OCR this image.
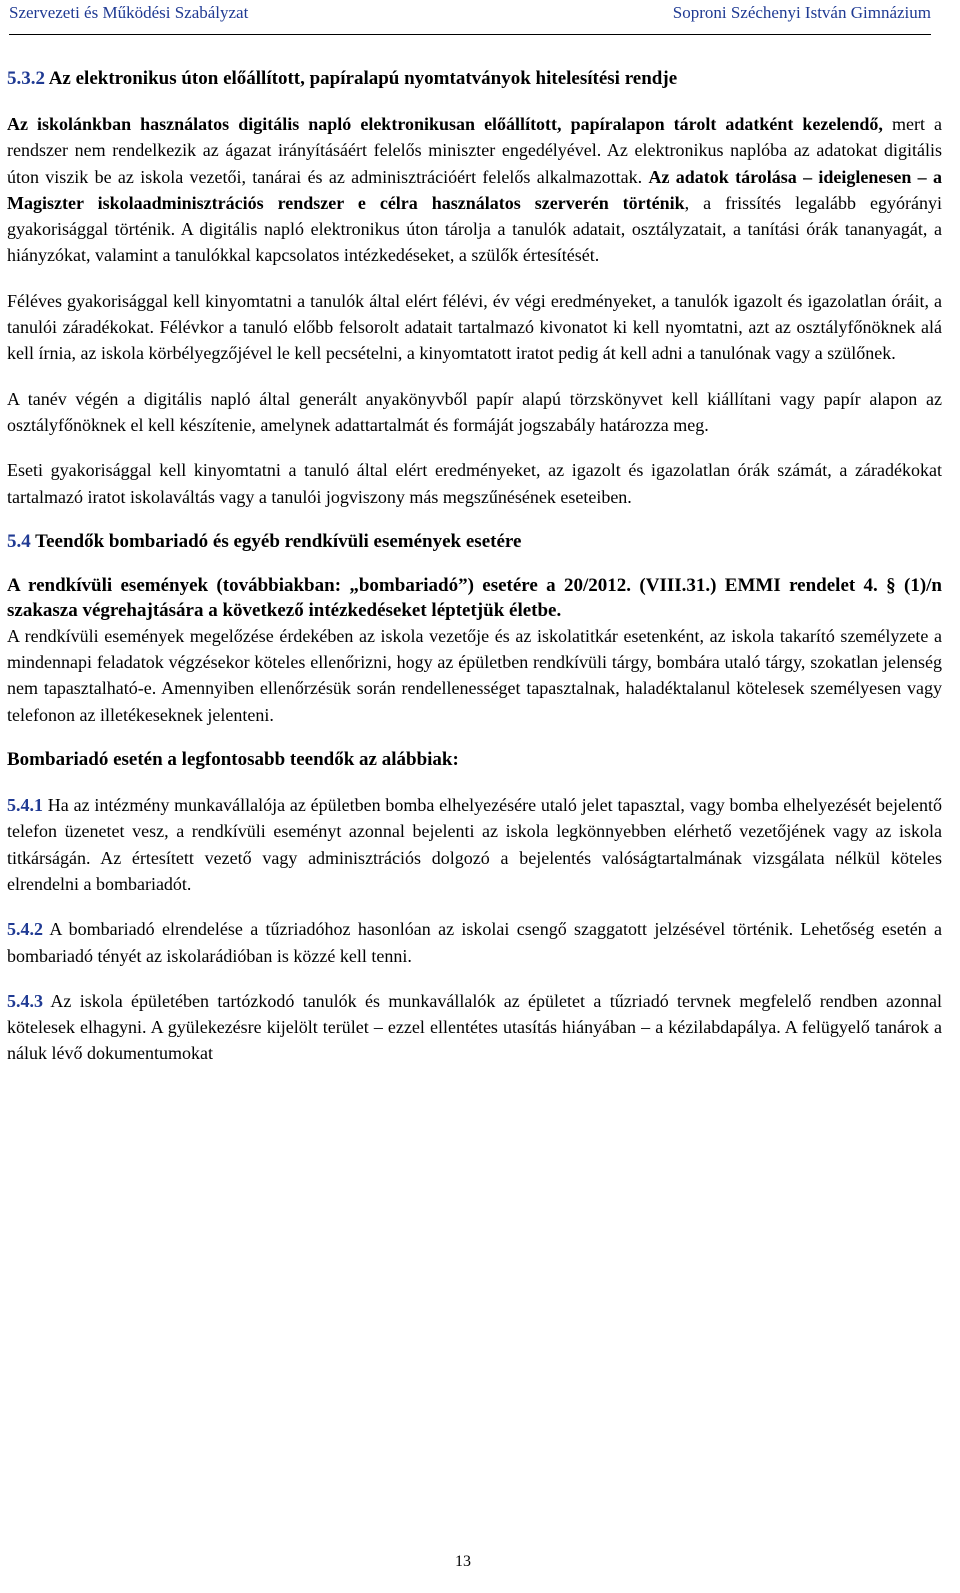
Szervezeti és Működési Szabályzat	Soproni Széchenyi István Gimnázium
5.3.2 Az elektronikus úton előállított, papíralapú nyomtatványok hitelesítési rendje

Az iskolánkban használatos digitális napló elektronikusan előállított, papíralapon tárolt adatként kezelendő, mert a rendszer nem rendelkezik az ágazat irányításáért felelős miniszter engedélyével. Az elektronikus naplóba az adatokat digitális úton viszik be az iskola vezetői, tanárai és az adminisztrációért felelős alkalmazottak. Az adatok tárolása – ideiglenesen – a Magiszter iskolaadminisztrációs rendszer e célra használatos szerverén történik, a frissítés legalább egyórányi gyakorisággal történik. A digitális napló elektronikus úton tárolja a tanulók adatait, osztályzatait, a tanítási órák tananyagát, a hiányzókat, valamint a tanulókkal kapcsolatos intézkedéseket, a szülők értesítését.

Féléves gyakorisággal kell kinyomtatni a tanulók által elért félévi, év végi eredményeket, a tanulók igazolt és igazolatlan óráit, a tanulói záradékokat. Félévkor a tanuló előbb felsorolt adatait tartalmazó kivonatot ki kell nyomtatni, azt az osztályfőnöknek alá kell írnia, az iskola körbélyegzőjével le kell pecsételni, a kinyomtatott iratot pedig át kell adni a tanulónak vagy a szülőnek.

A tanév végén a digitális napló által generált anyakönyvből papír alapú törzskönyvet kell kiállítani vagy papír alapon az osztályfőnöknek el kell készítenie, amelynek adattartalmát és formáját jogszabály határozza meg.

Eseti gyakorisággal kell kinyomtatni a tanuló által elért eredményeket, az igazolt és igazolatlan órák számát, a záradékokat tartalmazó iratot iskolaváltás vagy a tanulói jogviszony más megszűnésének eseteiben.

5.4 Teendők bombariadó és egyéb rendkívüli események esetére
A rendkívüli események (továbbiakban: „bombariadó”) esetére a 20/2012. (VIII.31.) EMMI rendelet 4. § (1)/n szakasza végrehajtására a következő intézkedéseket léptetjük életbe.

A rendkívüli események megelőzése érdekében az iskola vezetője és az iskolatitkár esetenként, az iskola takarító személyzete a mindennapi feladatok végzésekor köteles ellenőrizni, hogy az épületben rendkívüli tárgy, bombára utaló tárgy, szokatlan jelenség nem tapasztalható-e. Amennyiben ellenőrzésük során rendellenességet tapasztalnak, haladéktalanul kötelesek személyesen vagy telefonon az illetékeseknek jelenteni.

Bombariadó esetén a legfontosabb teendők az alábbiak:

5.4.1 Ha az intézmény munkavállalója az épületben bomba elhelyezésére utaló jelet tapasztal, vagy bomba elhelyezését bejelentő telefon üzenetet vesz, a rendkívüli eseményt azonnal bejelenti az iskola legkönnyebben elérhető vezetőjének vagy az iskola titkárságán. Az értesített vezető vagy adminisztrációs dolgozó a bejelentés valóságtartalmának vizsgálata nélkül köteles elrendelni a bombariadót.

5.4.2 A bombariadó elrendelése a tűzriadóhoz hasonlóan az iskolai csengő szaggatott jelzésével történik. Lehetőség esetén a bombariadó tényét az iskolarádióban is közzé kell tenni.

5.4.3 Az iskola épületében tartózkodó tanulók és munkavállalók az épületet a tűzriadó tervnek megfelelő rendben azonnal kötelesek elhagyni. A gyülekezésre kijelölt terület – ezzel ellentétes utasítás hiányában – a kézilabdapálya. A felügyelő tanárok a náluk lévő dokumentumokat

13
